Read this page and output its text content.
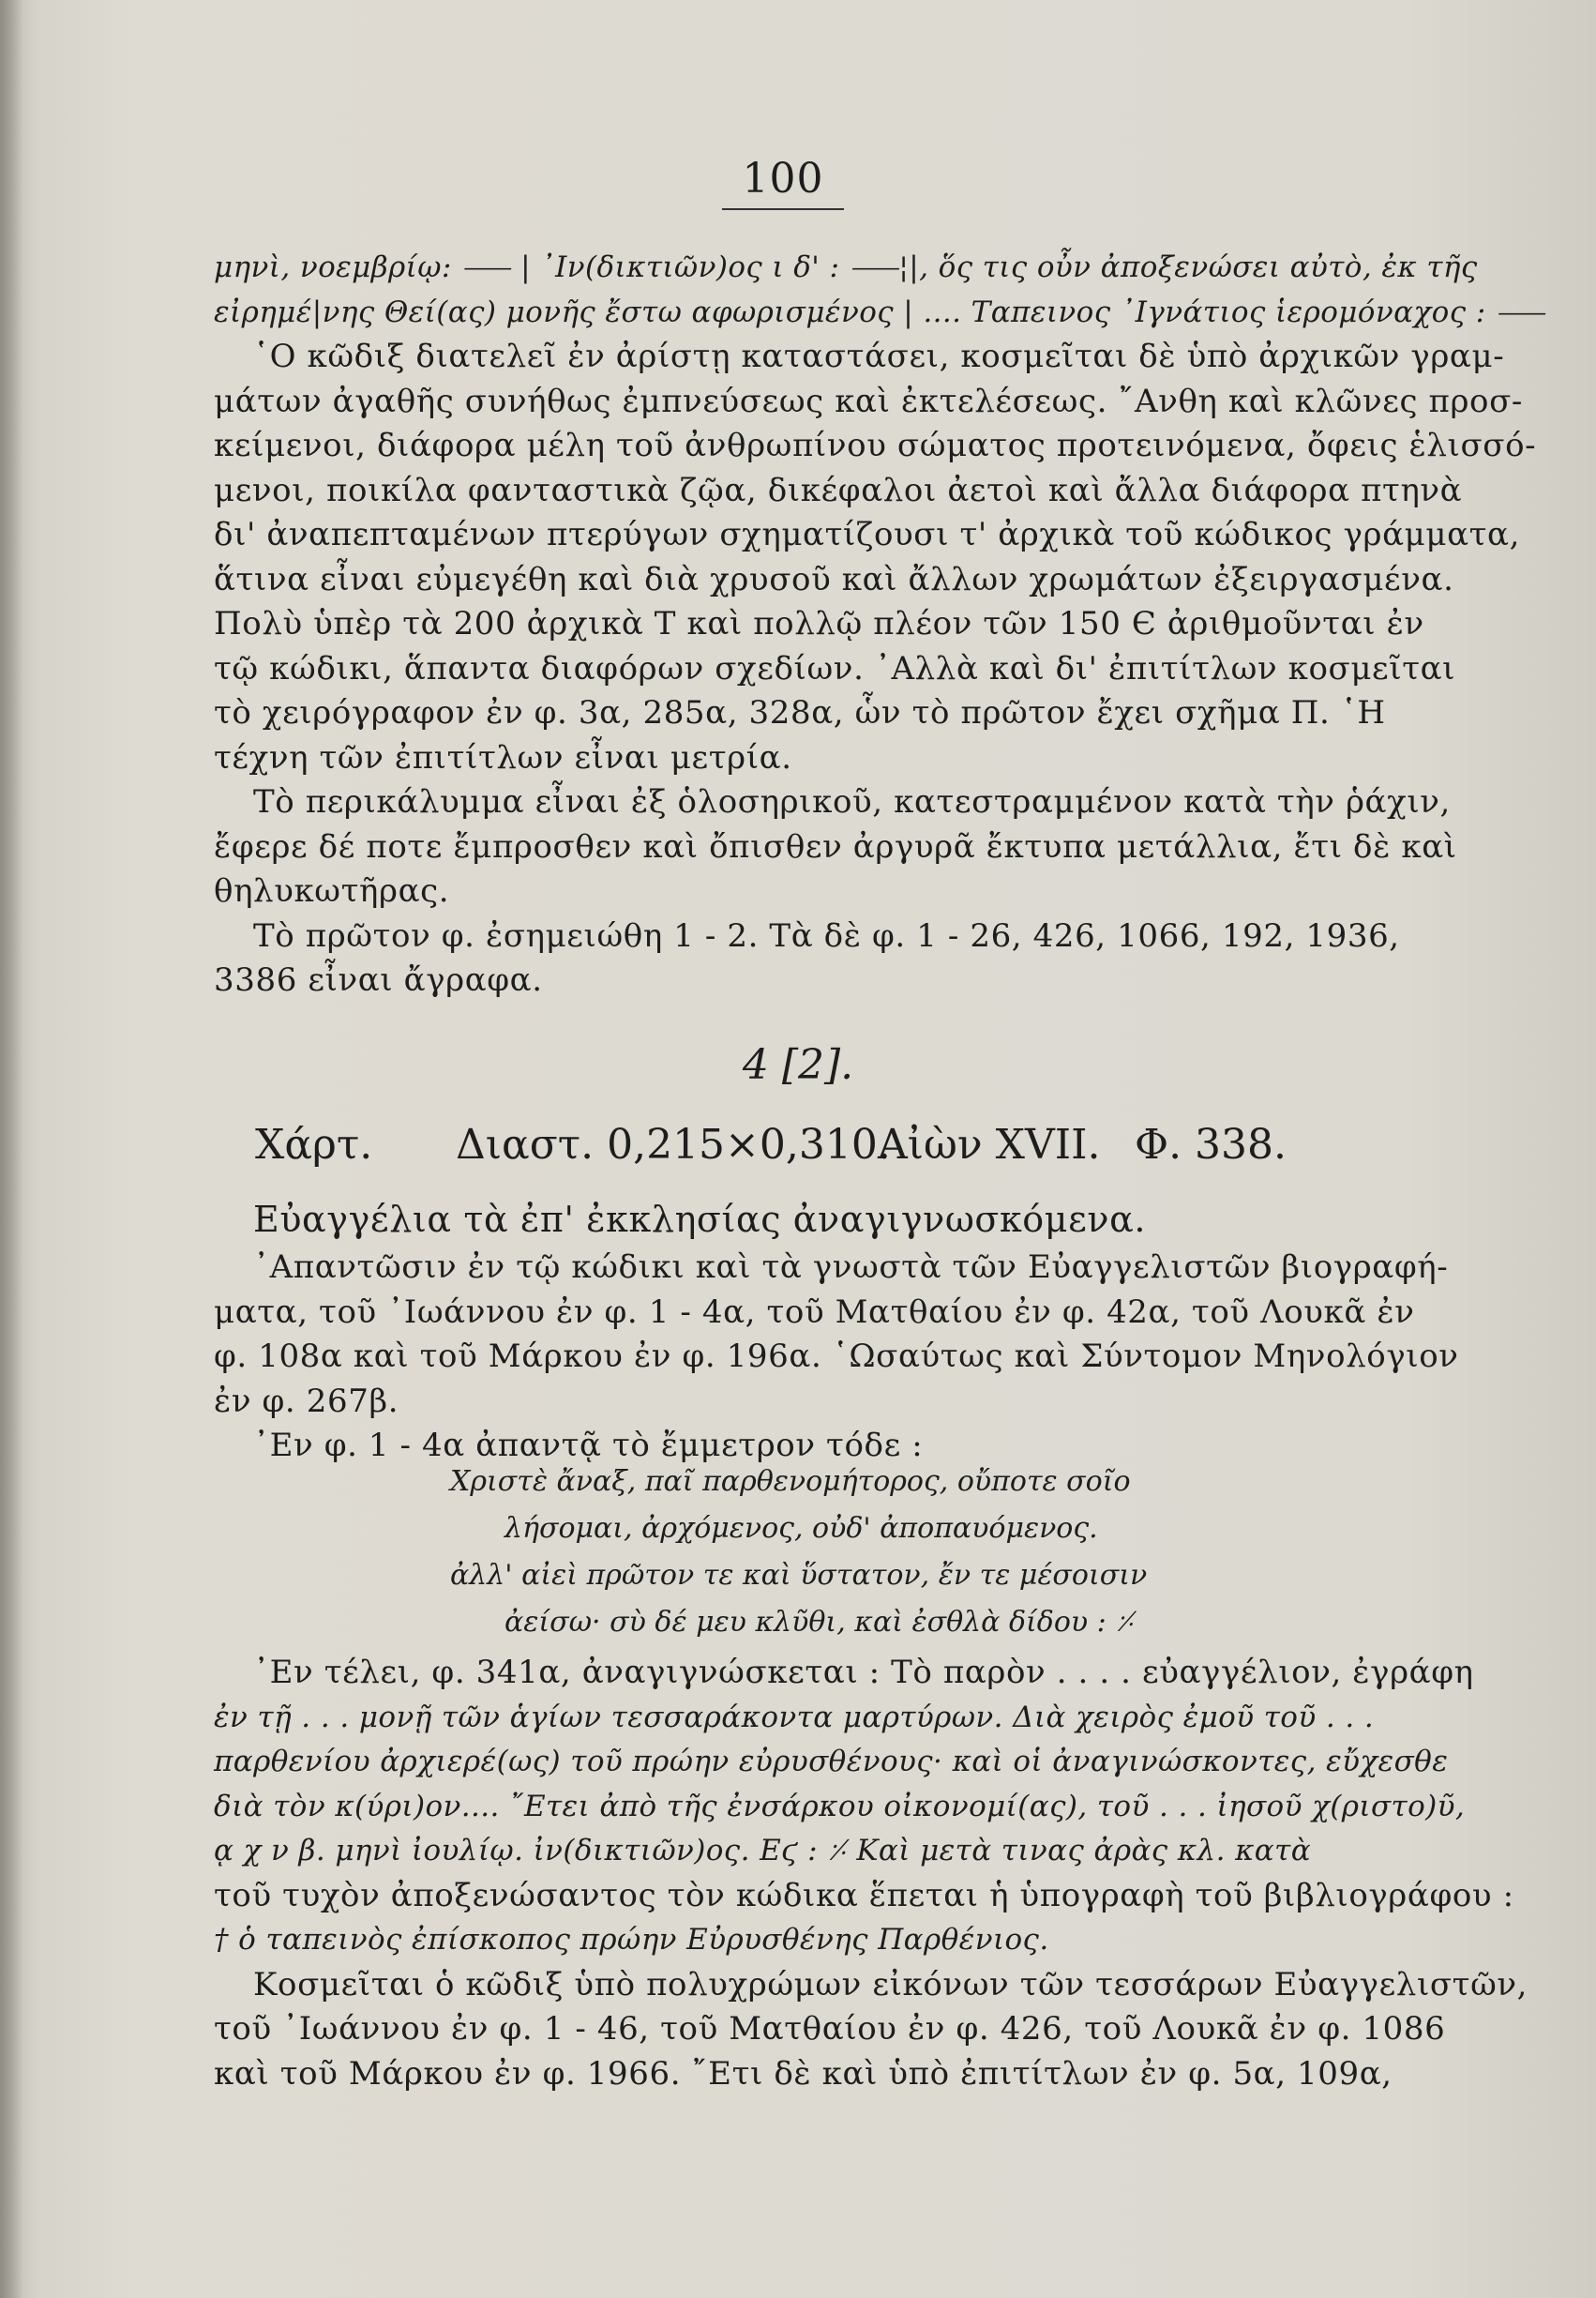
100
μηνὶ, νοεμβρίῳ: ⸺ | ᾿Ιν(δικτιῶν)ος ι δ' : ⸺¦|, ὅς τις οὖν ἀποξενώσει αὐτὸ, ἐκ τῆς
εἰρημέ|νης Θεί(ας) μονῆς ἔστω αφωρισμένος | .... Ταπεινος ᾿Ιγνάτιος ἱερομόναχος : ⸺
῾Ο κῶδιξ διατελεῖ ἐν ἀρίστῃ καταστάσει, κοσμεῖται δὲ ὑπὸ ἀρχικῶν γραμ-
μάτων ἀγαθῆς συνήθως ἐμπνεύσεως καὶ ἐκτελέσεως. ῎Ανθη καὶ κλῶνες προσ-
κείμενοι, διάφορα μέλη τοῦ ἀνθρωπίνου σώματος προτεινόμενα, ὄφεις ἑλισσό-
μενοι, ποικίλα φανταστικὰ ζῷα, δικέφαλοι ἀετοὶ καὶ ἄλλα διάφορα πτηνὰ
δι' ἀναπεπταμένων πτερύγων σχηματίζουσι τ' ἀρχικὰ τοῦ κώδικος γράμματα,
ἅτινα εἶναι εὐμεγέθη καὶ διὰ χρυσοῦ καὶ ἄλλων χρωμάτων ἐξειργασμένα.
Πολὺ ὑπὲρ τὰ 200 ἀρχικὰ Τ καὶ πολλῷ πλέον τῶν 150 Є ἀριθμοῦνται ἐν
τῷ κώδικι, ἅπαντα διαφόρων σχεδίων. ᾿Αλλὰ καὶ δι' ἐπιτίτλων κοσμεῖται
τὸ χειρόγραφον ἐν φ. 3α, 285α, 328α, ὧν τὸ πρῶτον ἔχει σχῆμα Π. ῾Η
τέχνη τῶν ἐπιτίτλων εἶναι μετρία.
Τὸ περικάλυμμα εἶναι ἐξ ὁλοσηρικοῦ, κατεστραμμένον κατὰ τὴν ῥάχιν,
ἔφερε δέ ποτε ἔμπροσθεν καὶ ὄπισθεν ἀργυρᾶ ἔκτυπα μετάλλια, ἔτι δὲ καὶ
θηλυκωτῆρας.
Τὸ πρῶτον φ. ἐσημειώθη 1 - 2. Τὰ δὲ φ. 1 - 26, 426, 1066, 192, 1936,
3386 εἶναι ἄγραφα.
4 [2].
Χάρτ. Διαστ. 0,215×0,310.
Αἰὼν XVII. Φ. 338.
Εὐαγγέλια τὰ ἐπ' ἐκκλησίας ἀναγιγνωσκόμενα.
᾿Απαντῶσιν ἐν τῷ κώδικι καὶ τὰ γνωστὰ τῶν Εὐαγγελιστῶν βιογραφή-
ματα, τοῦ ᾿Ιωάννου ἐν φ. 1 - 4α, τοῦ Ματθαίου ἐν φ. 42α, τοῦ Λουκᾶ ἐν
φ. 108α καὶ τοῦ Μάρκου ἐν φ. 196α. ῾Ωσαύτως καὶ Σύντομον Μηνολόγιον
ἐν φ. 267β.
᾿Εν φ. 1 - 4α ἀπαντᾷ τὸ ἔμμετρον τόδε :
Χριστὲ ἄναξ, παῖ παρθενομήτορος, οὔποτε σοῖο
λήσομαι, ἀρχόμενος, οὐδ' ἀποπαυόμενος.
ἀλλ' αἰεὶ πρῶτον τε καὶ ὕστατον, ἔν τε μέσοισιν
ἀείσω· σὺ δέ μευ κλῦθι, καὶ ἐσθλὰ δίδου : ⸓
᾿Εν τέλει, φ. 341α, ἀναγιγνώσκεται : Τὸ παρὸν . . . . εὐαγγέλιον, ἐγράφη
ἐν τῇ . . . μονῇ τῶν ἁγίων τεσσαράκοντα μαρτύρων. Διὰ χειρὸς ἐμοῦ τοῦ . . .
παρθενίου ἀρχιερέ(ως) τοῦ πρώην εὐρυσθένους· καὶ οἱ ἀναγινώσκοντες, εὔχεσθε
διὰ τὸν κ(ύρι)ον.... ῎Ετει ἀπὸ τῆς ἐνσάρκου οἰκονομί(ας), τοῦ . . . ἰησοῦ χ(ριστο)ῦ,
ᾳ χ ν β. μηνὶ ἰουλίῳ. ἰν(δικτιῶν)ος. Εϛ : ⸓ Καὶ μετὰ τινας ἀρὰς κλ. κατὰ
τοῦ τυχὸν ἀποξενώσαντος τὸν κώδικα ἕπεται ἡ ὑπογραφὴ τοῦ βιβλιογράφου :
† ὁ ταπεινὸς ἐπίσκοπος πρώην Εὐρυσθένης Παρθένιος.
Κοσμεῖται ὁ κῶδιξ ὑπὸ πολυχρώμων εἰκόνων τῶν τεσσάρων Εὐαγγελιστῶν,
τοῦ ᾿Ιωάννου ἐν φ. 1 - 46, τοῦ Ματθαίου ἐν φ. 426, τοῦ Λουκᾶ ἐν φ. 1086
καὶ τοῦ Μάρκου ἐν φ. 1966. ῎Ετι δὲ καὶ ὑπὸ ἐπιτίτλων ἐν φ. 5α, 109α,
